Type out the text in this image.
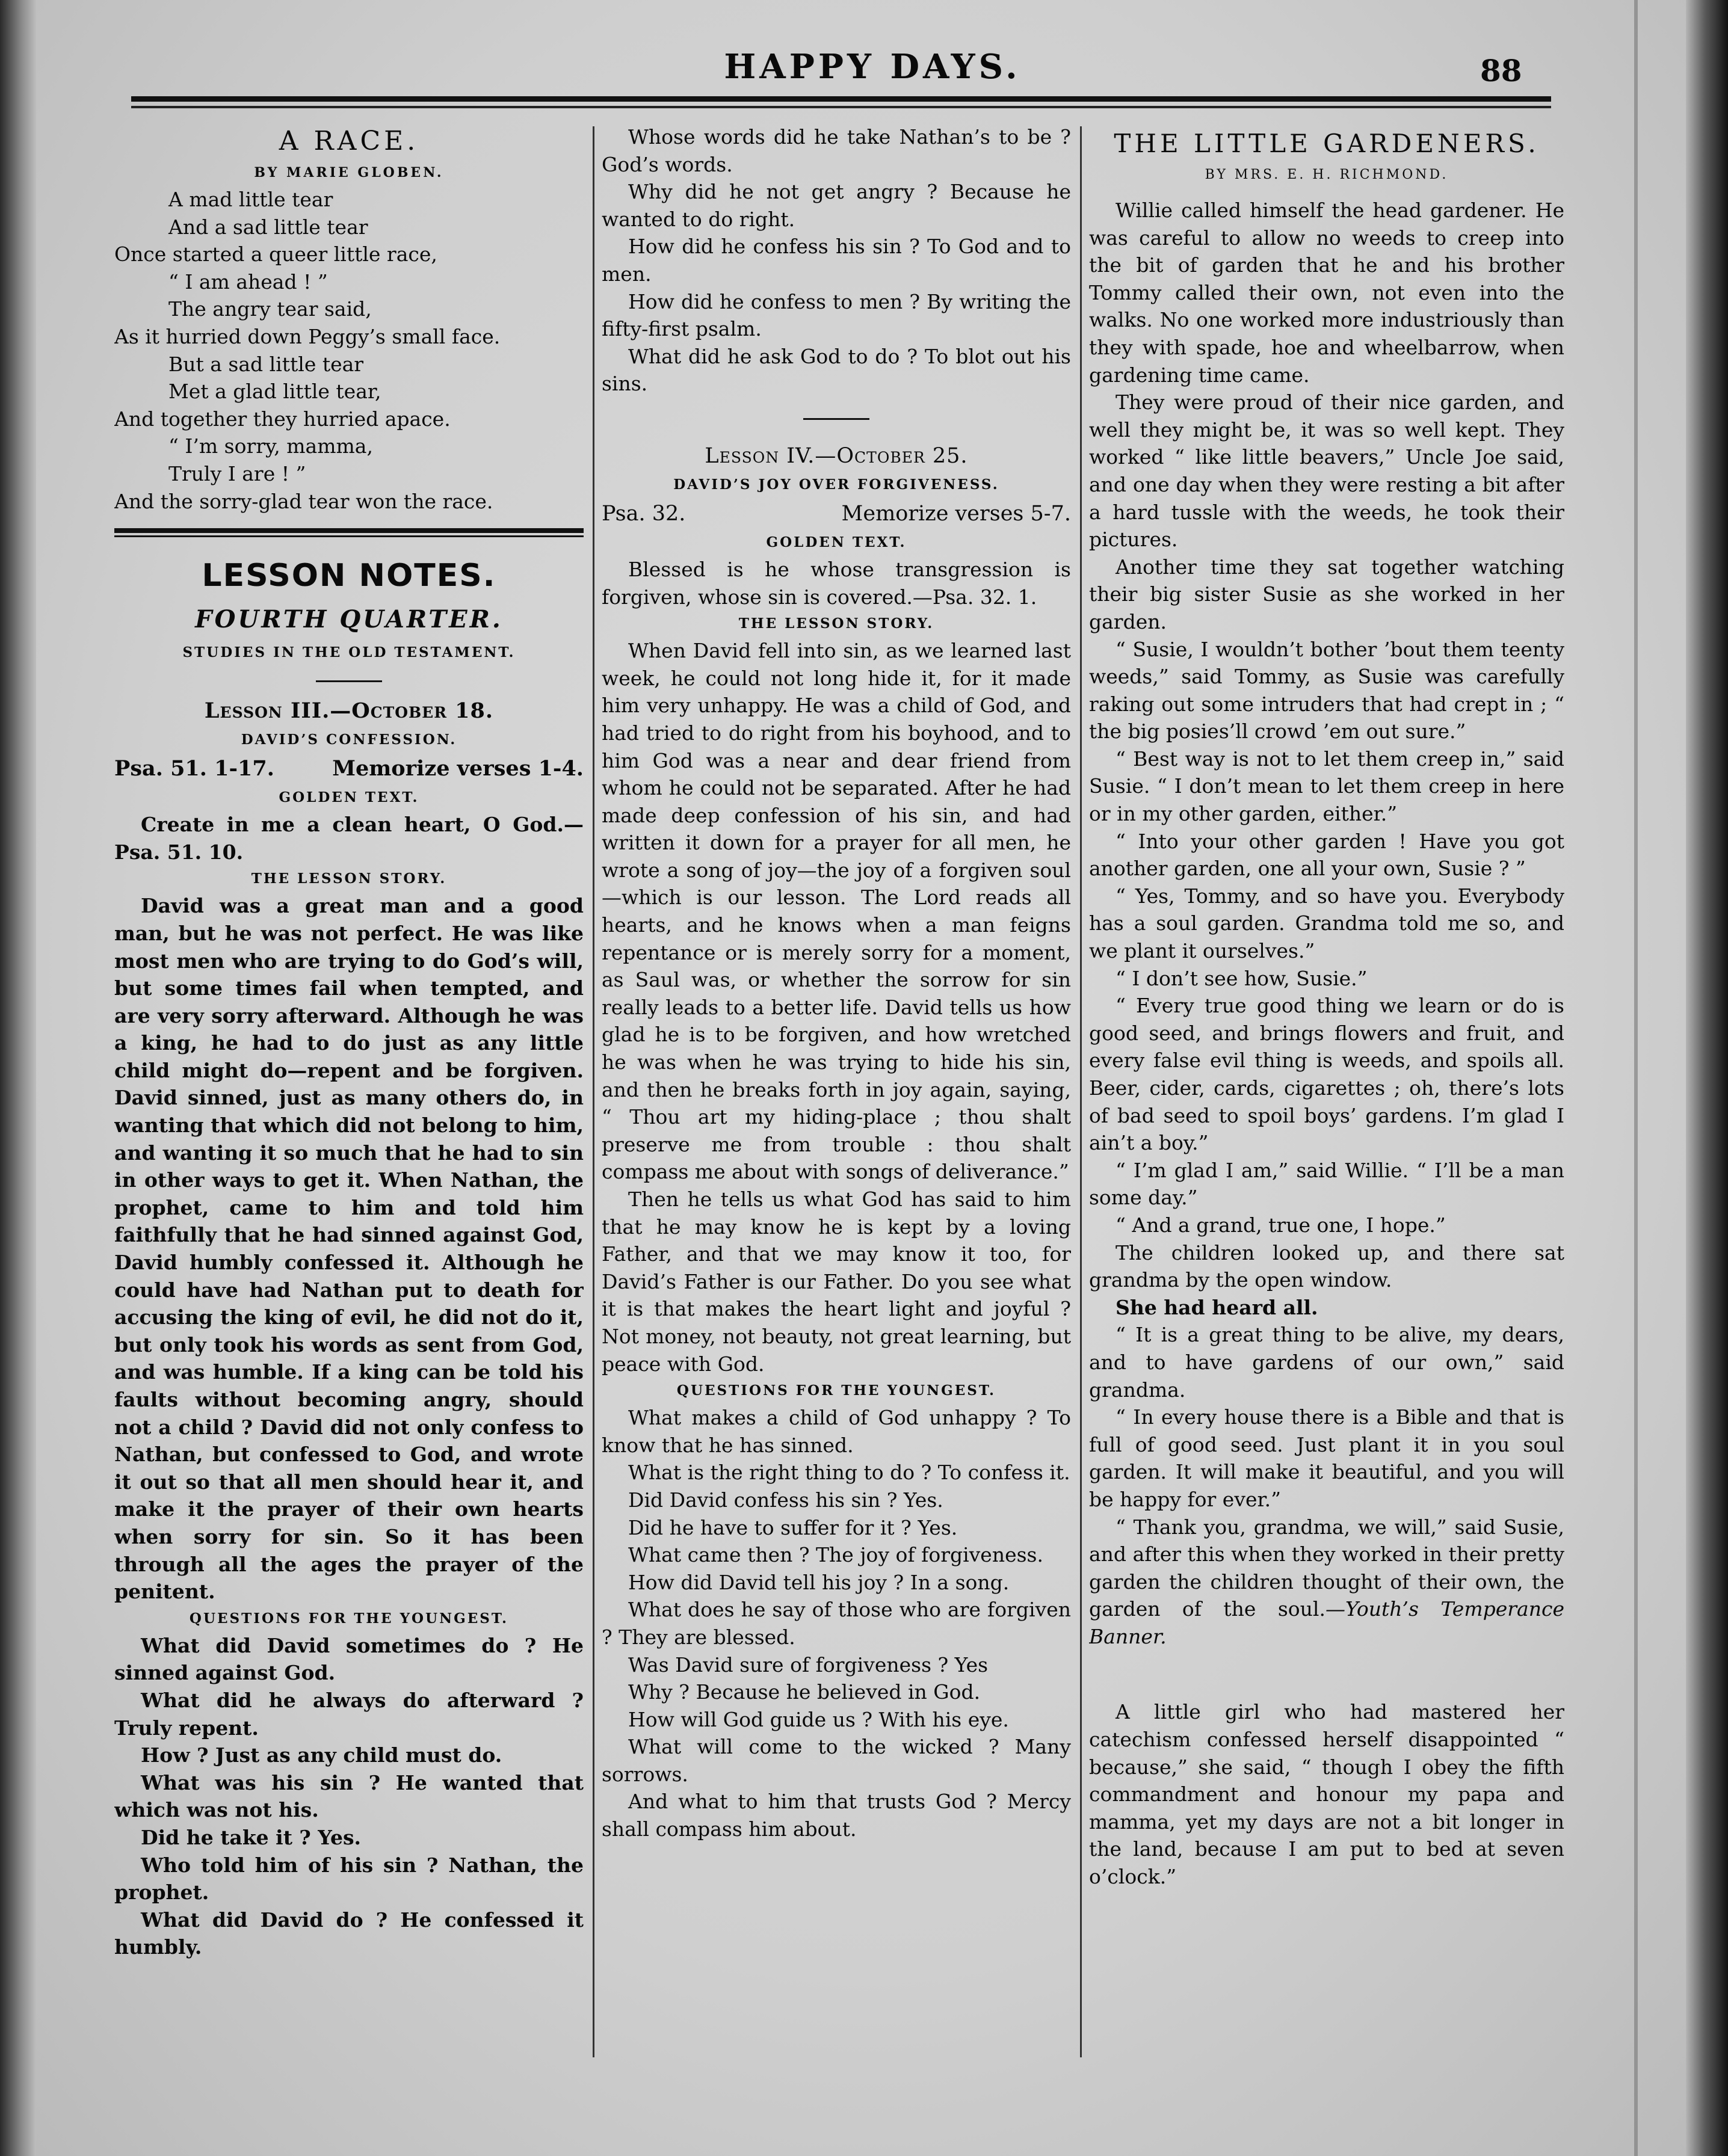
HAPPY DAYS.	88
A RACE.
BY MARIE GLOBEN.
A mad little tear
And a sad little tear
Once started a queer little race,
“ I am ahead ! ”
The angry tear said,
As it hurried down Peggy’s small face.
But a sad little tear
Met a glad little tear,
And together they hurried apace.
“ I’m sorry, mamma,
Truly I are ! ”
And the sorry-glad tear won the race.
LESSON NOTES.
FOURTH QUARTER.
STUDIES IN THE OLD TESTAMENT.
Lesson III.—October 18.
DAVID’S CONFESSION.
Psa. 51. 1-17.	Memorize verses 1-4.
GOLDEN TEXT.

Create in me a clean heart, O God.—Psa. 51. 10.

THE LESSON STORY.

David was a great man and a good man, but he was not perfect. He was like most men who are trying to do God’s will, but some times fail when tempted, and are very sorry afterward. Although he was a king, he had to do just as any little child might do—repent and be forgiven. David sinned, just as many others do, in wanting that which did not belong to him, and wanting it so much that he had to sin in other ways to get it. When Nathan, the prophet, came to him and told him faithfully that he had sinned against God, David humbly confessed it. Although he could have had Nathan put to death for accusing the king of evil, he did not do it, but only took his words as sent from God, and was humble. If a king can be told his faults without becoming angry, should not a child ? David did not only confess to Nathan, but confessed to God, and wrote it out so that all men should hear it, and make it the prayer of their own hearts when sorry for sin. So it has been through all the ages the prayer of the penitent.

QUESTIONS FOR THE YOUNGEST.
What did David sometimes do ? He sinned against God.
What did he always do afterward ? Truly repent.
How ? Just as any child must do.
What was his sin ? He wanted that which was not his.
Did he take it ? Yes.
Who told him of his sin ? Nathan, the prophet.
What did David do ? He confessed it humbly.
Whose words did he take Nathan’s to be ? God’s words.
Why did he not get angry ? Because he wanted to do right.
How did he confess his sin ? To God and to men.
How did he confess to men ? By writing the fifty-first psalm.
What did he ask God to do ? To blot out his sins.
Lesson IV.—October 25.
DAVID’S JOY OVER FORGIVENESS.
Psa. 32.	Memorize verses 5-7.
GOLDEN TEXT.

Blessed is he whose transgression is forgiven, whose sin is covered.—Psa. 32. 1.

THE LESSON STORY.

When David fell into sin, as we learned last week, he could not long hide it, for it made him very unhappy. He was a child of God, and had tried to do right from his boyhood, and to him God was a near and dear friend from whom he could not be separated. After he had made deep confession of his sin, and had written it down for a prayer for all men, he wrote a song of joy—the joy of a forgiven soul —which is our lesson. The Lord reads all hearts, and he knows when a man feigns repentance or is merely sorry for a moment, as Saul was, or whether the sorrow for sin really leads to a better life. David tells us how glad he is to be forgiven, and how wretched he was when he was trying to hide his sin, and then he breaks forth in joy again, saying, “ Thou art my hiding-place ; thou shalt preserve me from trouble : thou shalt compass me about with songs of deliverance.”

Then he tells us what God has said to him that he may know he is kept by a loving Father, and that we may know it too, for David’s Father is our Father. Do you see what it is that makes the heart light and joyful ? Not money, not beauty, not great learning, but peace with God.

QUESTIONS FOR THE YOUNGEST.
What makes a child of God unhappy ? To know that he has sinned.
What is the right thing to do ? To confess it.
Did David confess his sin ? Yes.
Did he have to suffer for it ? Yes.
What came then ? The joy of forgiveness.
How did David tell his joy ? In a song.
What does he say of those who are forgiven ? They are blessed.
Was David sure of forgiveness ? Yes
Why ? Because he believed in God.
How will God guide us ? With his eye.
What will come to the wicked ? Many sorrows.
And what to him that trusts God ? Mercy shall compass him about.
THE LITTLE GARDENERS.
BY MRS. E. H. RICHMOND.

Willie called himself the head gardener. He was careful to allow no weeds to creep into the bit of garden that he and his brother Tommy called their own, not even into the walks. No one worked more industriously than they with spade, hoe and wheelbarrow, when gardening time came.

They were proud of their nice garden, and well they might be, it was so well kept. They worked “ like little beavers,” Uncle Joe said, and one day when they were resting a bit after a hard tussle with the weeds, he took their pictures.

Another time they sat together watching their big sister Susie as she worked in her garden.

“ Susie, I wouldn’t bother ’bout them teenty weeds,” said Tommy, as Susie was carefully raking out some intruders that had crept in ; “ the big posies’ll crowd ’em out sure.”

“ Best way is not to let them creep in,” said Susie. “ I don’t mean to let them creep in here or in my other garden, either.”

“ Into your other garden ! Have you got another garden, one all your own, Susie ? ”

“ Yes, Tommy, and so have you. Everybody has a soul garden. Grandma told me so, and we plant it ourselves.”

“ I don’t see how, Susie.”

“ Every true good thing we learn or do is good seed, and brings flowers and fruit, and every false evil thing is weeds, and spoils all. Beer, cider, cards, cigarettes ; oh, there’s lots of bad seed to spoil boys’ gardens. I’m glad I ain’t a boy.”

“ I’m glad I am,” said Willie. “ I’ll be a man some day.”

“ And a grand, true one, I hope.”

The children looked up, and there sat grandma by the open window.

She had heard all.

“ It is a great thing to be alive, my dears, and to have gardens of our own,” said grandma.

“ In every house there is a Bible and that is full of good seed. Just plant it in you soul garden. It will make it beautiful, and you will be happy for ever.”

“ Thank you, grandma, we will,” said Susie, and after this when they worked in their pretty garden the children thought of their own, the garden of the soul.—Youth’s Temperance Banner.

A little girl who had mastered her catechism confessed herself disappointed “ because,” she said, “ though I obey the fifth commandment and honour my papa and mamma, yet my days are not a bit longer in the land, because I am put to bed at seven o’clock.”
